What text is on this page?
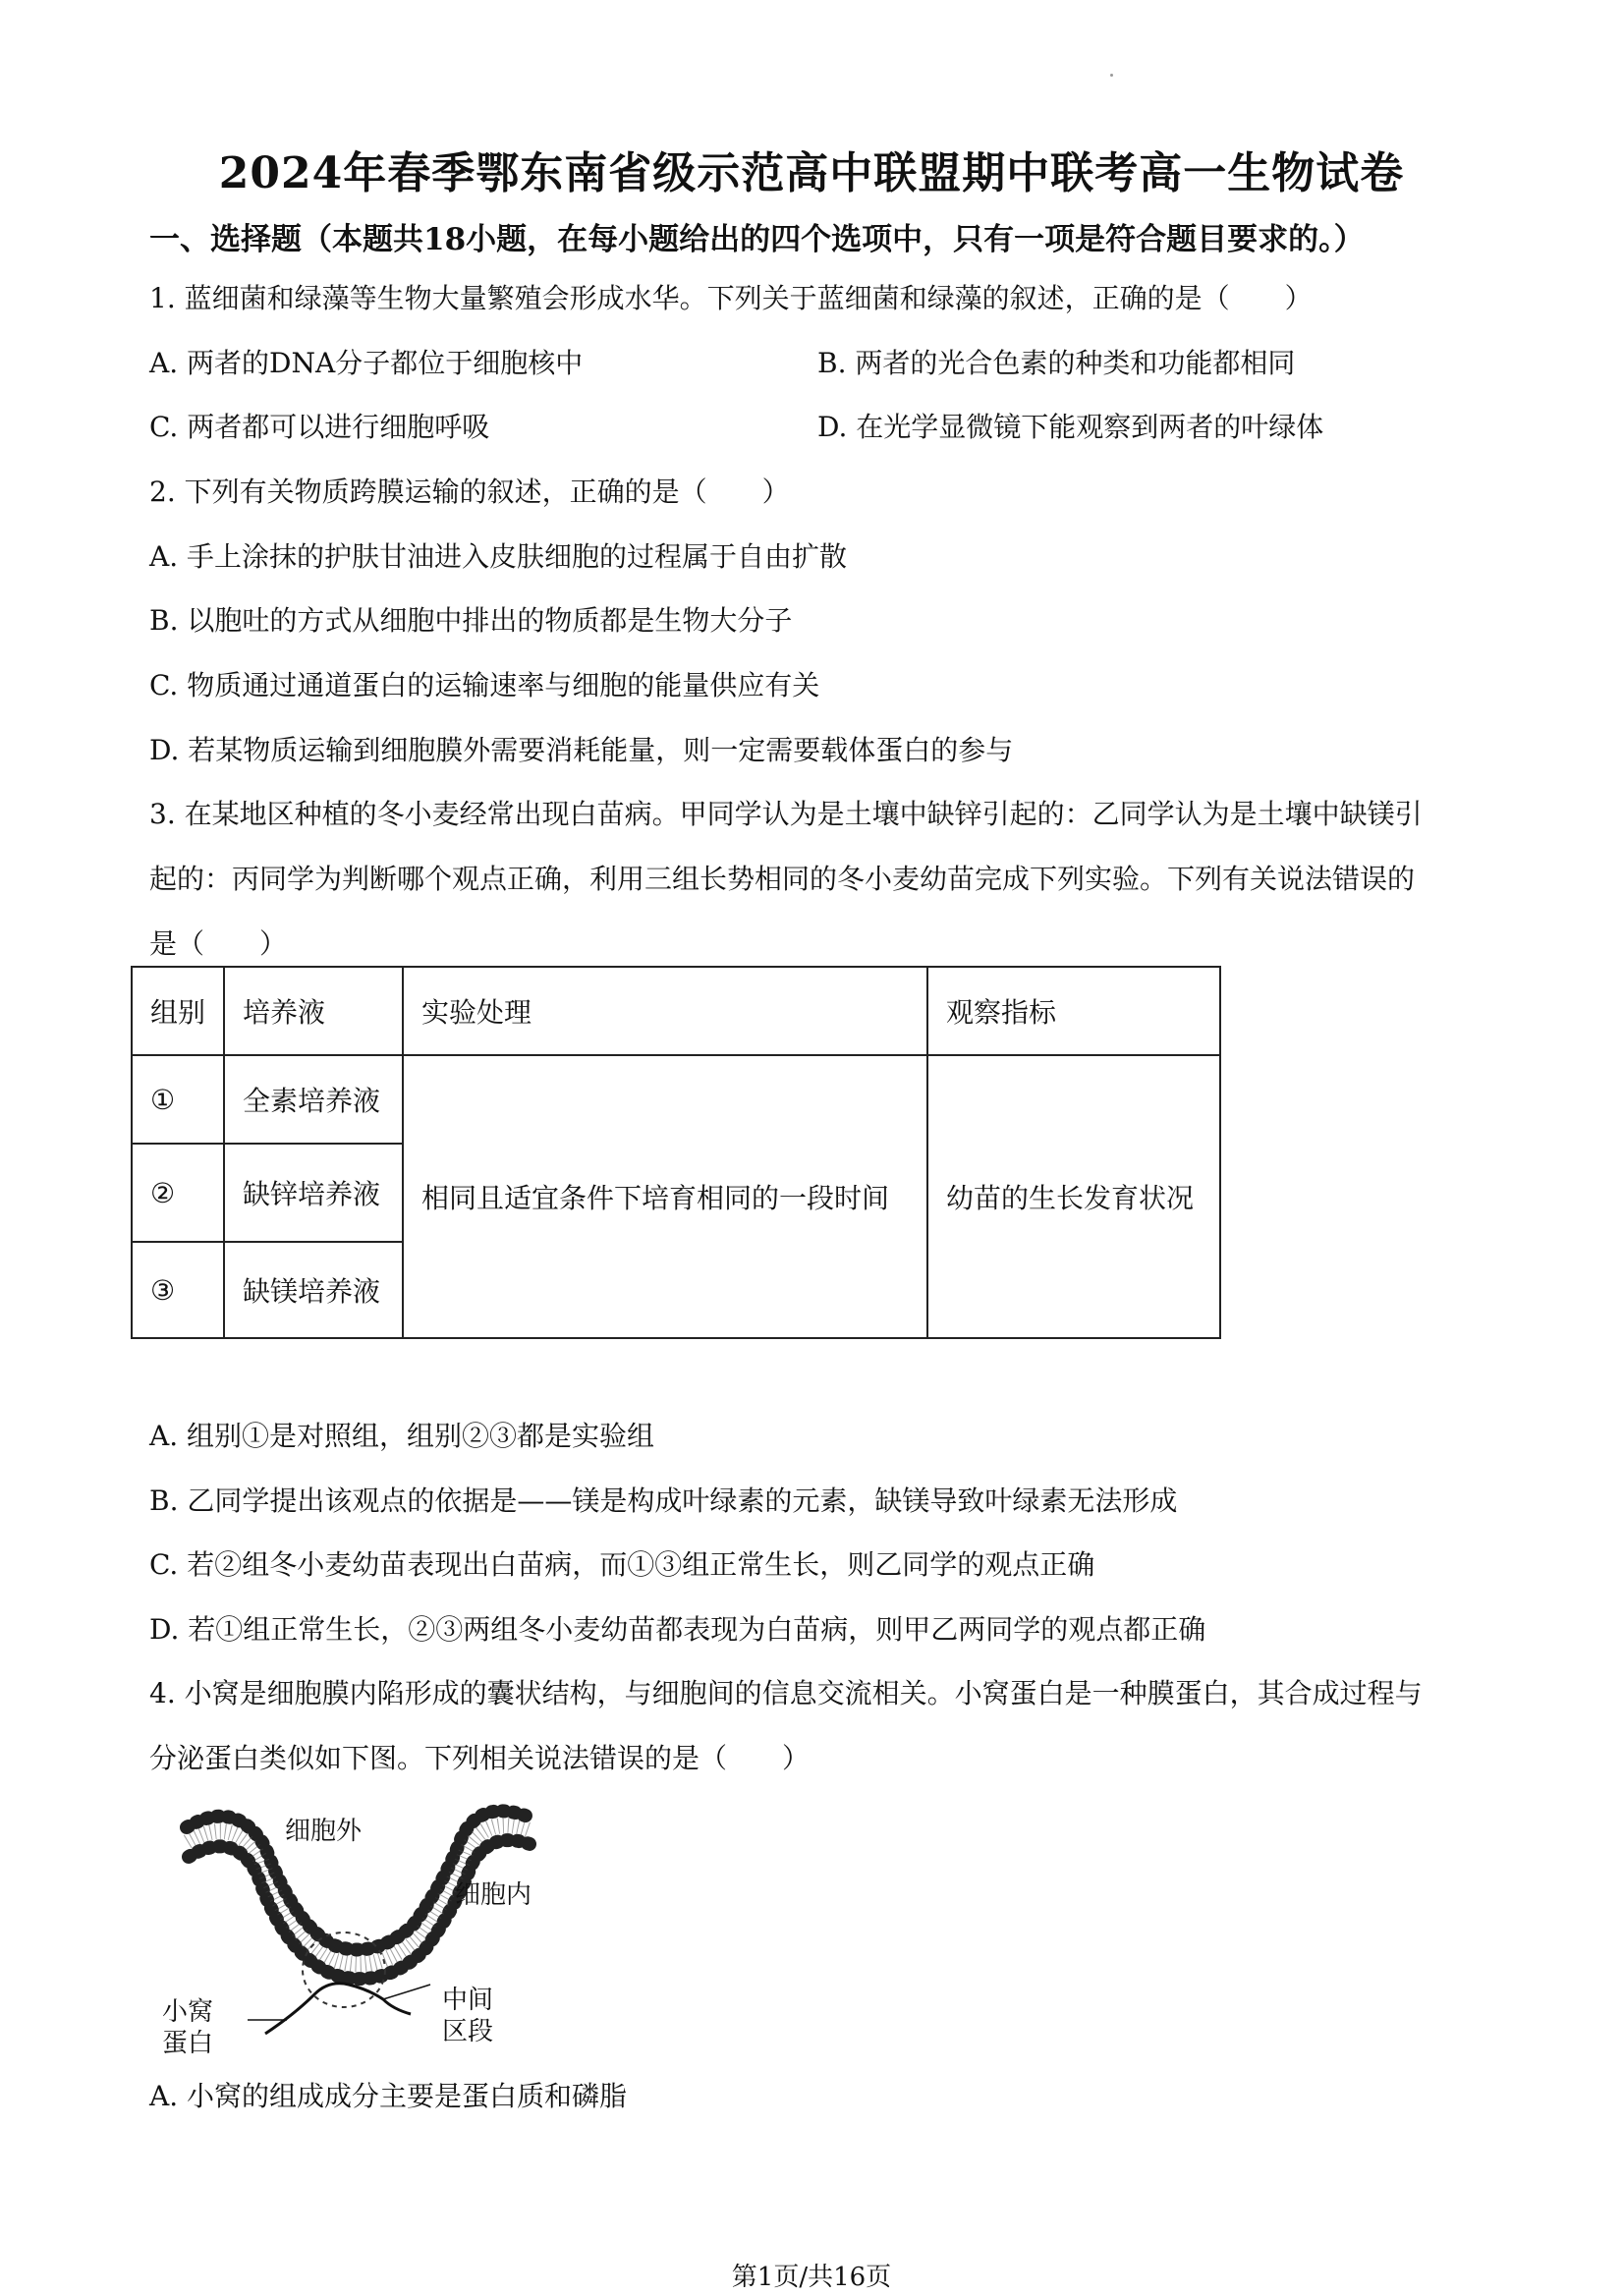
2024年春季鄂东南省级示范高中联盟期中联考高一生物试卷
一、选择题（本题共18小题，在每小题给出的四个选项中，只有一项是符合题目要求的。）
1. 蓝细菌和绿藻等生物大量繁殖会形成水华。下列关于蓝细菌和绿藻的叙述，正确的是（　　）
A. 两者的DNA分子都位于细胞核中	B. 两者的光合色素的种类和功能都相同
C. 两者都可以进行细胞呼吸	D. 在光学显微镜下能观察到两者的叶绿体
2. 下列有关物质跨膜运输的叙述，正确的是（　　）
A. 手上涂抹的护肤甘油进入皮肤细胞的过程属于自由扩散
B. 以胞吐的方式从细胞中排出的物质都是生物大分子
C. 物质通过通道蛋白的运输速率与细胞的能量供应有关
D. 若某物质运输到细胞膜外需要消耗能量，则一定需要载体蛋白的参与
3. 在某地区种植的冬小麦经常出现白苗病。甲同学认为是土壤中缺锌引起的：乙同学认为是土壤中缺镁引
起的：丙同学为判断哪个观点正确，利用三组长势相同的冬小麦幼苗完成下列实验。下列有关说法错误的
是（　　）
组别	培养液	实验处理	观察指标
①	全素培养液	相同且适宜条件下培育相同的一段时间	幼苗的生长发育状况
②	缺锌培养液		
③	缺镁培养液		
A. 组别①是对照组，组别②③都是实验组
B. 乙同学提出该观点的依据是——镁是构成叶绿素的元素，缺镁导致叶绿素无法形成
C. 若②组冬小麦幼苗表现出白苗病，而①③组正常生长，则乙同学的观点正确
D. 若①组正常生长，②③两组冬小麦幼苗都表现为白苗病，则甲乙两同学的观点都正确
4. 小窝是细胞膜内陷形成的囊状结构，与细胞间的信息交流相关。小窝蛋白是一种膜蛋白，其合成过程与
分泌蛋白类似如下图。下列相关说法错误的是（　　）
细胞外
细胞内
小窝
蛋白
中间
区段
A. 小窝的组成成分主要是蛋白质和磷脂
第1页/共16页
